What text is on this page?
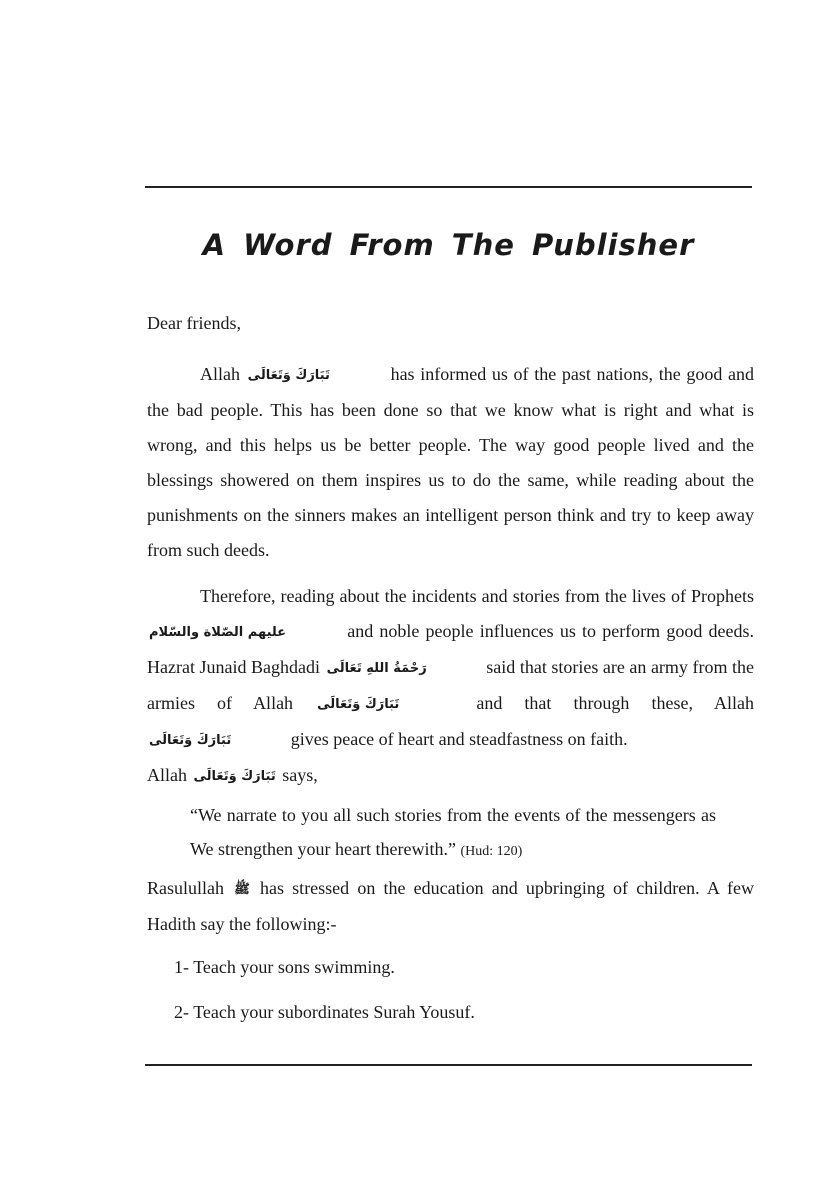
A Word From The Publisher

Dear friends,

Allah تَبَارَكَ وَتَعَالَى	has informed us of the past nations, the good and the bad people. This has been done so that we know what is right and what is wrong, and this helps us be better people. The way good people lived and the blessings showered on them inspires us to do the same, while reading about the punishments on the sinners makes an intelligent person think and try to keep away from such deeds.

Therefore, reading about the incidents and stories from the lives of Prophets عليهم الصّلاة والسّلام	and noble people influences us to perform good deeds. Hazrat Junaid Baghdadi رَحْمَةُ اللهِ تَعَالَى	said that stories are an army from the armies of Allah تَبَارَكَ وَتَعَالَى	and that through these, Allah تَبَارَكَ وَتَعَالَى	gives peace of heart and steadfastness on faith.

Allah تَبَارَكَ وَتَعَالَى says,

“We narrate to you all such stories from the events of the messengers as We strengthen your heart therewith.” (Hud: 120)

Rasulullah ﷺ has stressed on the education and upbringing of children. A few Hadith say the following:-

1- Teach your sons swimming.
2- Teach your subordinates Surah Yousuf.
